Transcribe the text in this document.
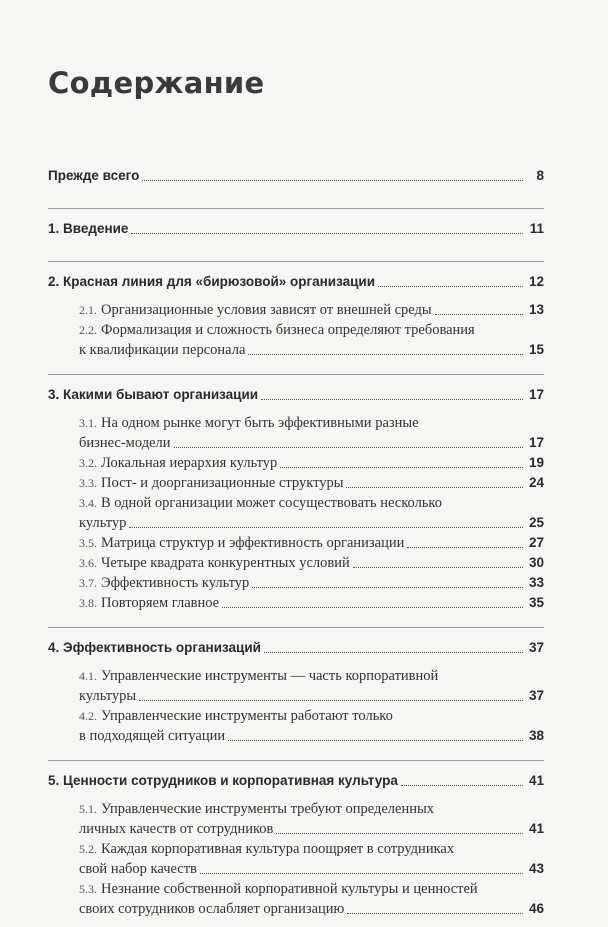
Содержание
Прежде всего	8
1. Введение	11
2. Красная линия для «бирюзовой» организации	12
2.1. Организационные условия зависят от внешней среды	13
2.2. Формализация и сложность бизнеса определяют требования
к квалификации персонала	15
3. Какими бывают организации	17
3.1. На одном рынке могут быть эффективными разные
бизнес-модели	17
3.2. Локальная иерархия культур	19
3.3. Пост- и доорганизационные структуры	24
3.4. В одной организации может сосуществовать несколько
культур	25
3.5. Матрица структур и эффективность организации	27
3.6. Четыре квадрата конкурентных условий	30
3.7. Эффективность культур	33
3.8. Повторяем главное	35
4. Эффективность организаций	37
4.1. Управленческие инструменты — часть корпоративной
культуры	37
4.2. Управленческие инструменты работают только
в подходящей ситуации	38
5. Ценности сотрудников и корпоративная культура	41
5.1. Управленческие инструменты требуют определенных
личных качеств от сотрудников	41
5.2. Каждая корпоративная культура поощряет в сотрудниках
свой набор качеств	43
5.3. Незнание собственной корпоративной культуры и ценностей
своих сотрудников ослабляет организацию	46
